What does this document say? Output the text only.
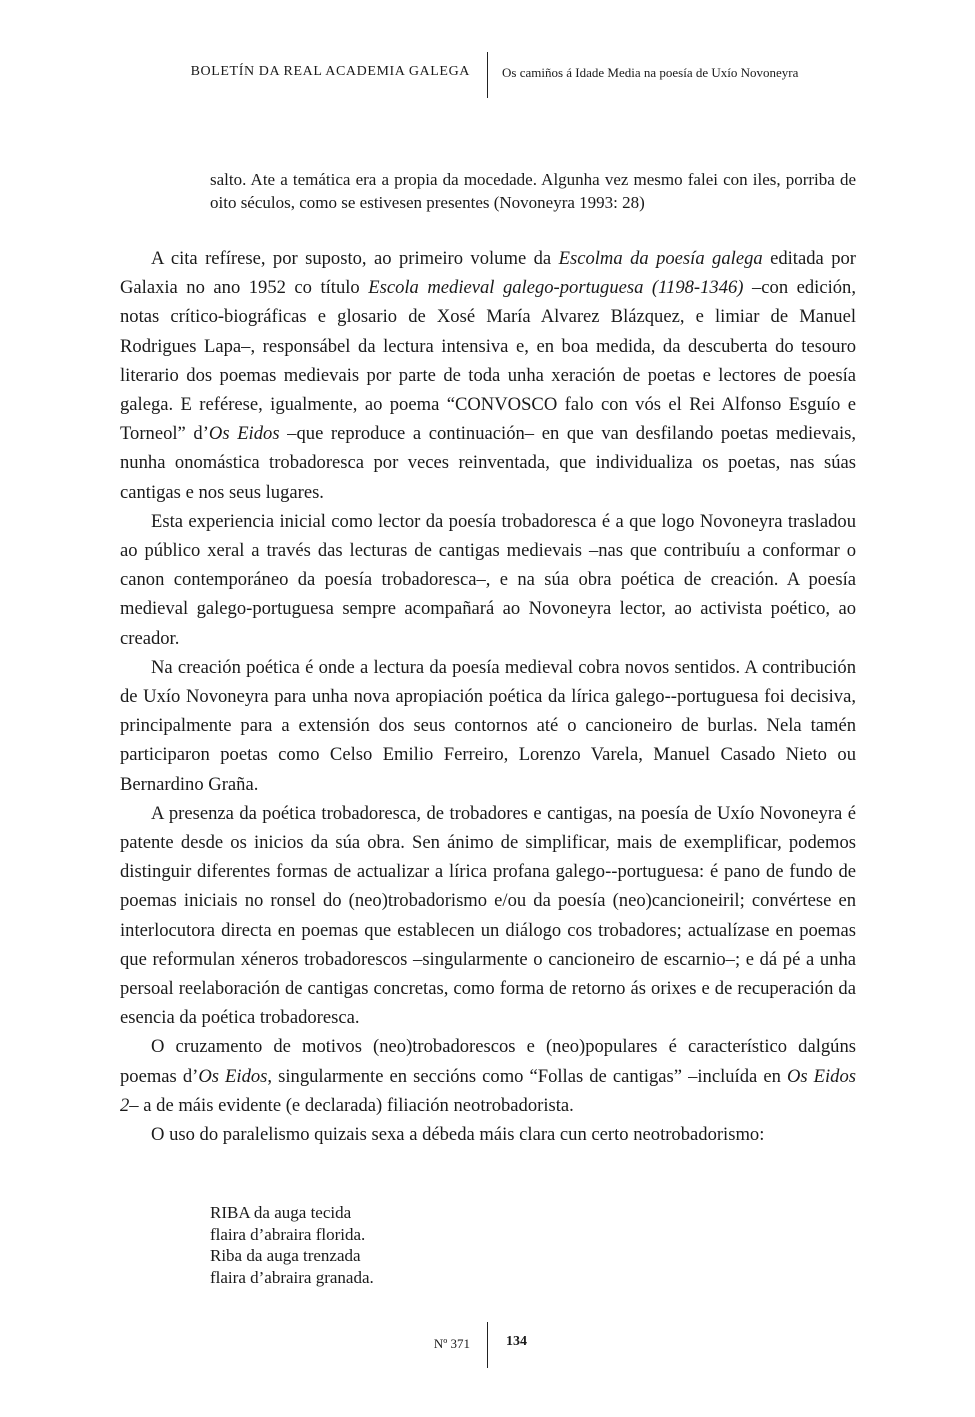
BOLETÍN DA REAL ACADEMIA GALEGA Os camiños á Idade Media na poesía de Uxío Novoneyra
salto. Ate a temática era a propia da mocedade. Algunha vez mesmo falei con iles, porriba de oito séculos, como se estivesen presentes (Novoneyra 1993: 28)

A cita refírese, por suposto, ao primeiro volume da Escolma da poesía galega editada por Galaxia no ano 1952 co título Escola medieval galego-portuguesa (1198-1346) –con edición, notas crítico-biográficas e glosario de Xosé María Alvarez Blázquez, e limiar de Manuel Rodrigues Lapa–, responsábel da lectura intensiva e, en boa medida, da descuberta do tesouro literario dos poemas medievais por parte de toda unha xeración de poetas e lectores de poesía galega. E reférese, igualmente, ao poema “CONVOSCO falo con vós el Rei Alfonso Esguío e Torneol” d’Os Eidos –que reproduce a continuación– en que van desfilando poetas medievais, nunha onomástica trobadoresca por veces reinventada, que individualiza os poetas, nas súas cantigas e nos seus lugares.

Esta experiencia inicial como lector da poesía trobadoresca é a que logo Novoneyra trasladou ao público xeral a través das lecturas de cantigas medievais –nas que contribuíu a conformar o canon contemporáneo da poesía trobadoresca–, e na súa obra poética de creación. A poesía medieval galego-portuguesa sempre acompañará ao Novoneyra lector, ao activista poético, ao creador.

Na creación poética é onde a lectura da poesía medieval cobra novos sentidos. A contribución de Uxío Novoneyra para unha nova apropiación poética da lírica galego--portuguesa foi decisiva, principalmente para a extensión dos seus contornos até o cancioneiro de burlas. Nela tamén participaron poetas como Celso Emilio Ferreiro, Lorenzo Varela, Manuel Casado Nieto ou Bernardino Graña.

A presenza da poética trobadoresca, de trobadores e cantigas, na poesía de Uxío Novoneyra é patente desde os inicios da súa obra. Sen ánimo de simplificar, mais de exemplificar, podemos distinguir diferentes formas de actualizar a lírica profana galego--portuguesa: é pano de fundo de poemas iniciais no ronsel do (neo)trobadorismo e/ou da poesía (neo)cancioneiril; convértese en interlocutora directa en poemas que establecen un diálogo cos trobadores; actualízase en poemas que reformulan xéneros trobadorescos –singularmente o cancioneiro de escarnio–; e dá pé a unha persoal reelaboración de cantigas concretas, como forma de retorno ás orixes e de recuperación da esencia da poética trobadoresca.

O cruzamento de motivos (neo)trobadorescos e (neo)populares é característico dalgúns poemas d’Os Eidos, singularmente en seccións como “Follas de cantigas” –incluída en Os Eidos 2– a de máis evidente (e declarada) filiación neotrobadorista.

O uso do paralelismo quizais sexa a débeda máis clara cun certo neotrobadorismo:

RIBA da auga tecida
flaira d’abraira florida.
Riba da auga trenzada
flaira d’abraira granada.
Nº 371	134
